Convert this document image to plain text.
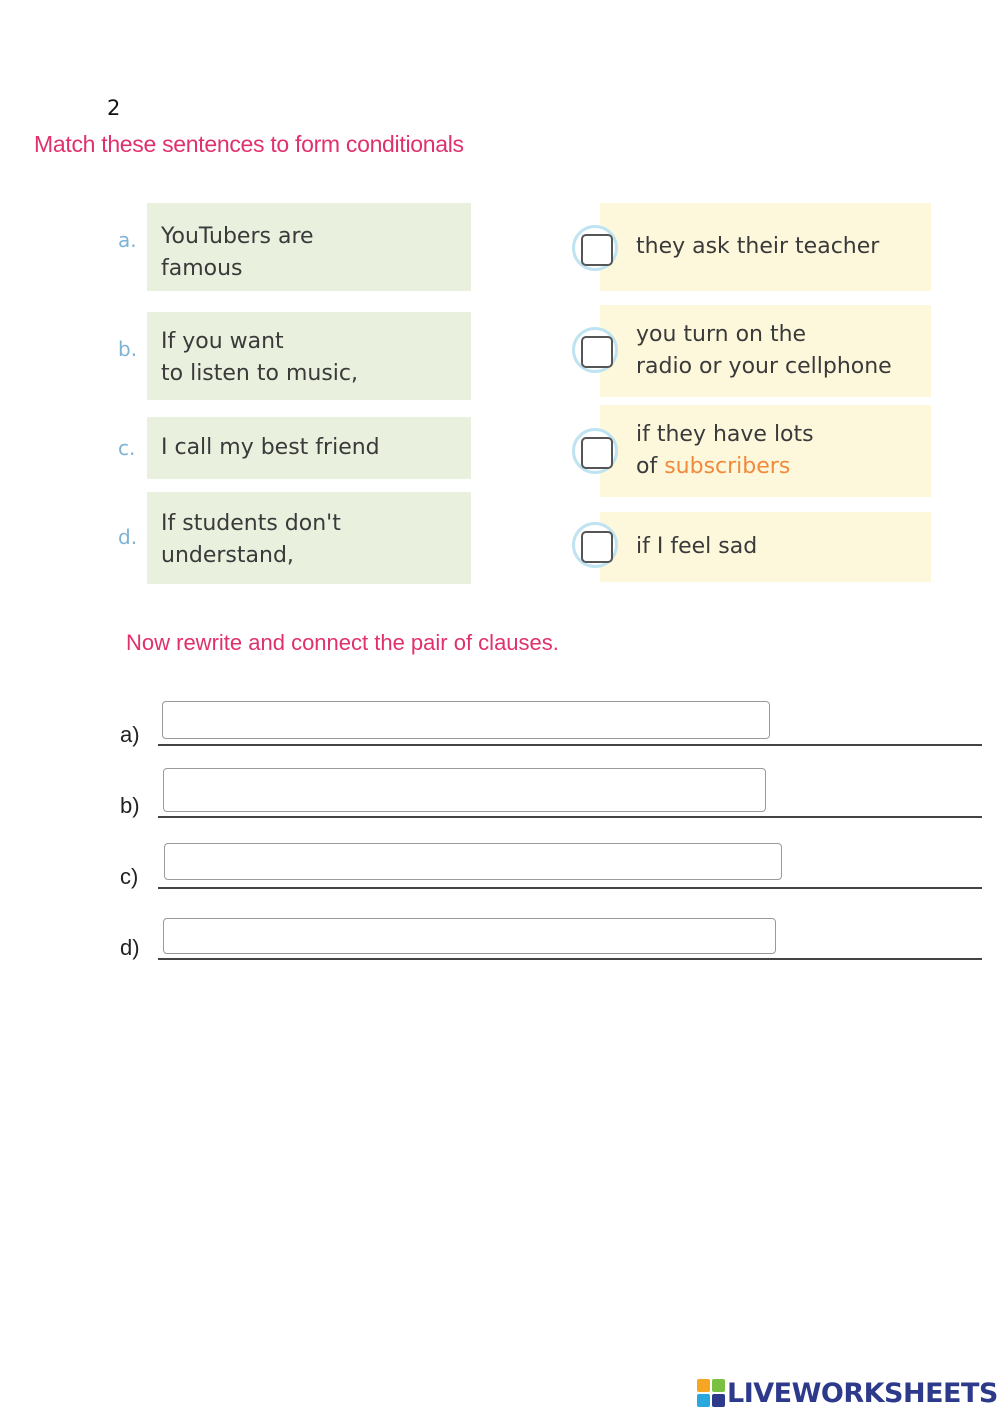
2
Match these sentences to form conditionals
a. YouTubers are
famous
b. If you want
to listen to music,
c. I call my best friend
d.
If students don't
understand,
they ask their teacher
you turn on the
radio or your cellphone
if they have lots
of subscribers
if I feel sad
Now rewrite and connect the pair of clauses.
a)
b)
c)
d)
LIVEWORKSHEETS
